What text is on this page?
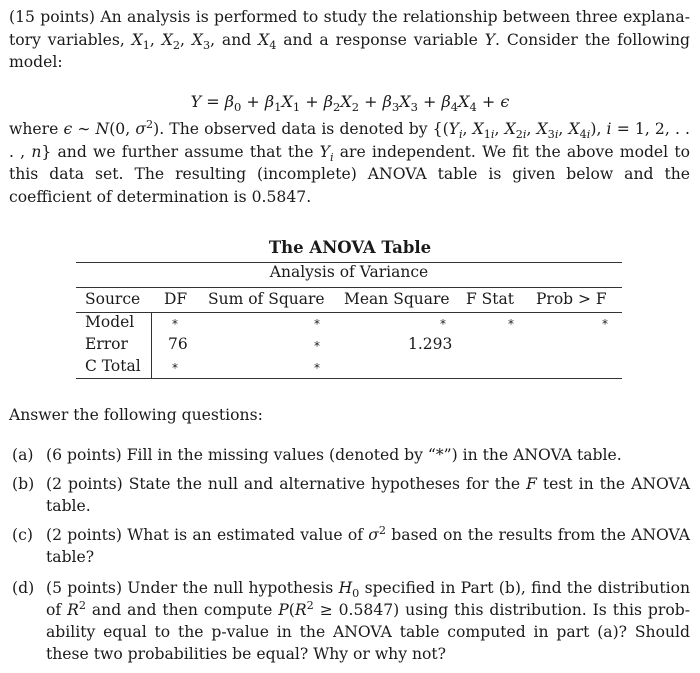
(15 points) An analysis is performed to study the relationship between three explana- tory variables, $X_1$, $X_2$, $X_3$, and $X_4$ and a response variable Y. Consider the following model:

$Y = \beta_0 + \beta_1X_1 + \beta_2X_2 + \beta_3X_3 + \beta_4X_4 + \epsilon$

where ϵ ∼ N(0, $\sigma^2$). The observed data is denoted by {($Y_i$, $X_{1i}$, $X_{2i}$, $X_{3i}$, $X_{4i}$), i = 1, 2, . . . , n} and we further assume that the $Y_i$ are independent. We fit the above model to this data set. The resulting (incomplete) ANOVA table is given below and the coefficient of determination is 0.5847.

The ANOVA Table
Analysis of Variance
Source DF Sum of Square Mean Square F Stat Prob > F
Model	*	*	*	*	*
Error	76	*	1.293
C Total	*	*

Answer the following questions:

(a) (6 points) Fill in the missing values (denoted by “*”) in the ANOVA table.
(b) (2 points) State the null and alternative hypotheses for the F test in the ANOVA table.
(c) (2 points) What is an estimated value of $\sigma^2$ based on the results from the ANOVA table?
(d) (5 points) Under the null hypothesis $H_0$ specified in Part (b), find the distribution of $R^2$ and and then compute $P(R^2 \ge 0.5847)$ using this distribution. Is this prob- ability equal to the p-value in the ANOVA table computed in part (a)? Should these two probabilities be equal? Why or why not?
